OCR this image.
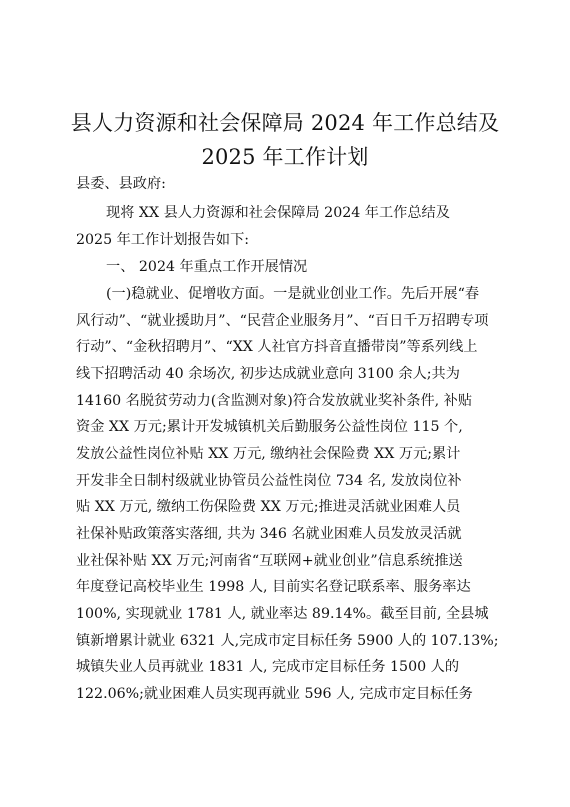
县人力资源和社会保障局 2024 年工作总结及
2025 年工作计划
县委、县政府:
现将 XX 县人力资源和社会保障局 2024 年工作总结及
2025 年工作计划报告如下:
一、 2024 年重点工作开展情况
(一)稳就业、促增收方面。一是就业创业工作。先后开展“春
风行动”、“就业援助月”、“民营企业服务月”、“百日千万招聘专项
行动”、“金秋招聘月”、“XX 人社官方抖音直播带岗”等系列线上
线下招聘活动 40 余场次, 初步达成就业意向 3100 余人;共为
14160 名脱贫劳动力(含监测对象)符合发放就业奖补条件, 补贴
资金 XX 万元;累计开发城镇机关后勤服务公益性岗位 115 个,
发放公益性岗位补贴 XX 万元, 缴纳社会保险费 XX 万元;累计
开发非全日制村级就业协管员公益性岗位 734 名, 发放岗位补
贴 XX 万元, 缴纳工伤保险费 XX 万元;推进灵活就业困难人员
社保补贴政策落实落细, 共为 346 名就业困难人员发放灵活就
业社保补贴 XX 万元;河南省“互联网+就业创业”信息系统推送
年度登记高校毕业生 1998 人, 目前实名登记联系率、服务率达
100%, 实现就业 1781 人, 就业率达 89.14%。截至目前, 全县城
镇新增累计就业 6321 人,完成市定目标任务 5900 人的 107.13%;
城镇失业人员再就业 1831 人, 完成市定目标任务 1500 人的
122.06%;就业困难人员实现再就业 596 人, 完成市定目标任务
